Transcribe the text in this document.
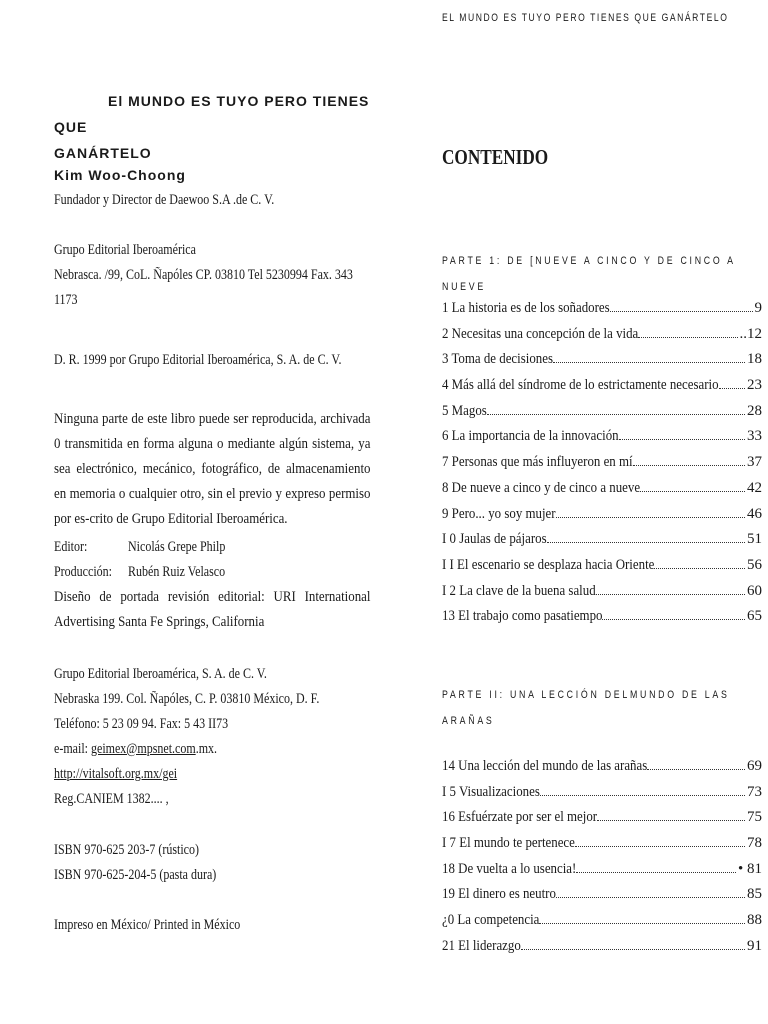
El MUNDO ES TUYO PERO TIENES QUE
GANÁRTELO
Kim Woo-Choong
Fundador y Director de Daewoo S.A .de C. V.
Grupo Editorial Iberoamérica
Nebrasca. /99, CoL. Ñapóles CP. 03810 Tel 5230994 Fax. 343
1173
D. R. 1999 por Grupo Editorial Iberoamérica, S. A. de C. V.
Ninguna parte de este libro puede ser reproducida, archivada 0 transmitida en forma alguna o mediante algún sistema, ya sea electrónico, mecánico, fotográfico, de almacenamiento en memoria o cualquier otro, sin el previo y expreso permiso por es-crito de Grupo Editorial Iberoamérica.
Editor:	Nicolás Grepe Philp
Producción: Rubén Ruiz Velasco
Diseño de portada revisión editorial: URI International Advertising Santa Fe Springs, California
Grupo Editorial Iberoamérica, S. A. de C. V.
Nebraska 199. Col. Ñapóles, C. P. 03810 México, D. F.
Teléfono: 5 23 09 94. Fax: 5 43 II73
e-mail: geimex@mpsnet.com.mx.
http://vitalsoft.org.mx/gei
Reg.CANIEM 1382.... ,
ISBN 970-625 203-7 (rústico)
ISBN 970-625-204-5 (pasta dura)
Impreso en México/ Printed in México
EL MUNDO ES TUYO PERO TIENES QUE GANÁRTELO
CONTENIDO
PARTE 1: DE [NUEVE A CINCO Y DE CINCO A NUEVE
1 La historia es de los soñadores	9
2 Necesitas una concepción de la vida	..12
3 Toma de decisiones	18
4 Más allá del síndrome de lo estrictamente necesario 23
5 Magos	28
6 La importancia de la innovación	33
7 Personas que más influyeron en mí	37
8 De nueve a cinco y de cinco a nueve	42
9 Pero... yo soy mujer	46
I 0 Jaulas de pájaros	51
I I El escenario se desplaza hacia Oriente	56
I 2 La clave de la buena salud	60
13 El trabajo como pasatiempo	65
PARTE II: UNA LECCIÓN DELMUNDO DE LAS ARAÑAS
14 Una lección del mundo de las arañas	69
I 5 Visualizaciones	73
16 Esfuérzate por ser el mejor	75
I 7 El mundo te pertenece	78
18 De vuelta a lo usencia!	• 81
19 El dinero es neutro	85
¿0 La competencia	88
21 El liderazgo	91
